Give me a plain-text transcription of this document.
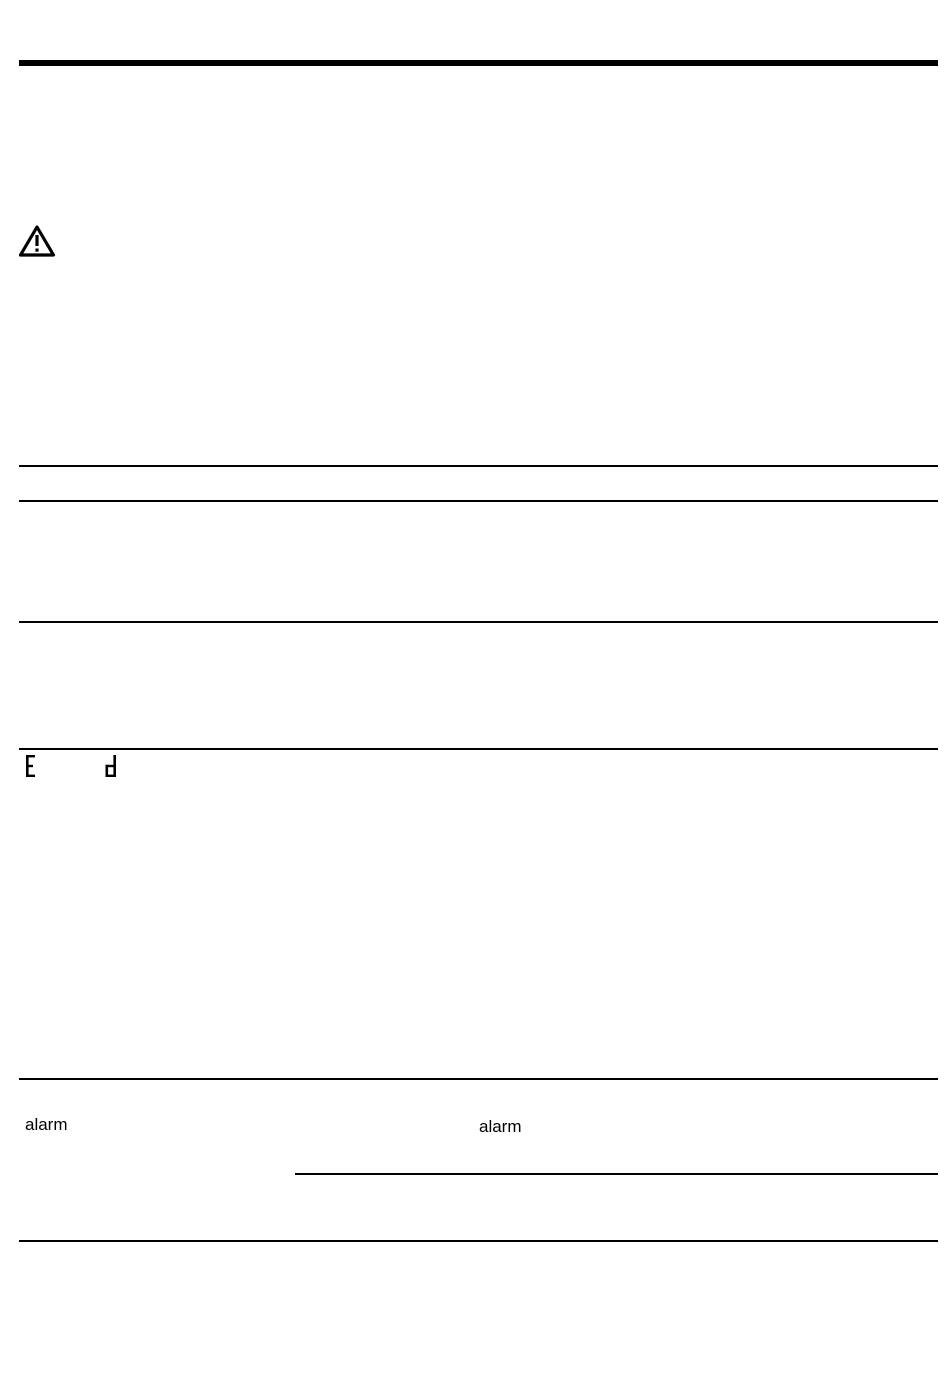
alarm	alarm
